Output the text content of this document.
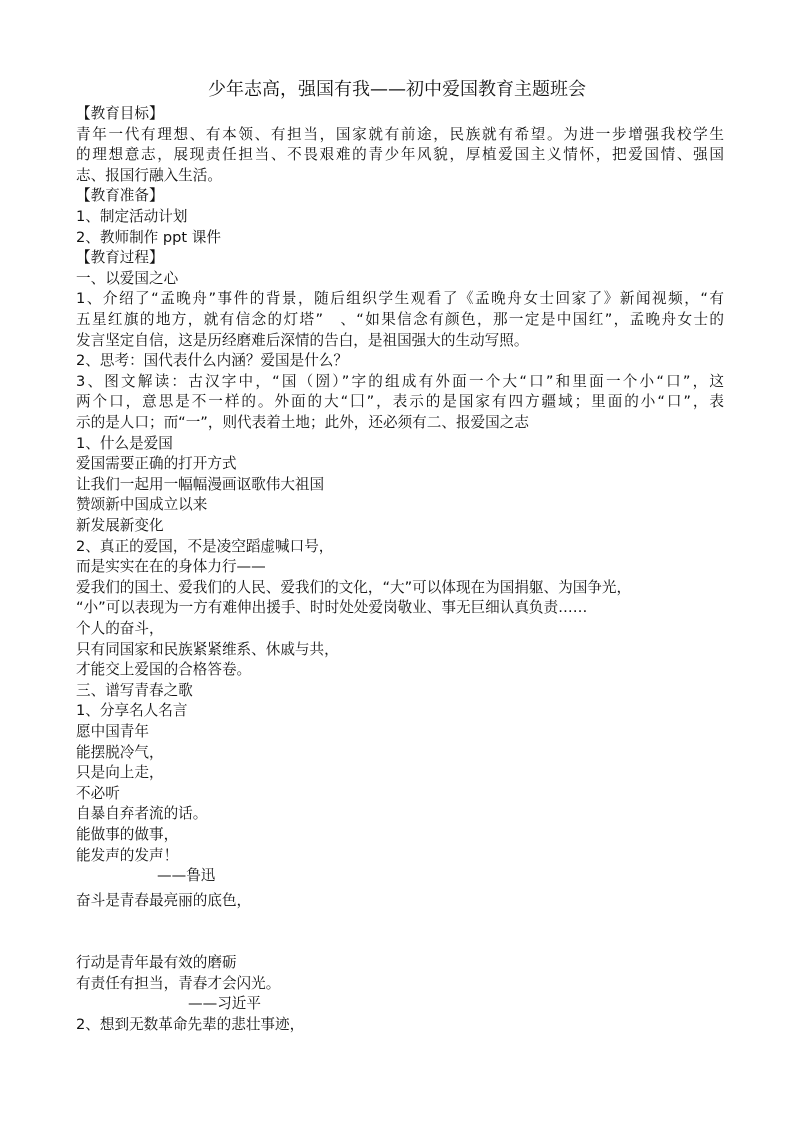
少年志高，强国有我——初中爱国教育主题班会
【教育目标】
青年一代有理想、有本领、有担当，国家就有前途，民族就有希望。为进一步增强我校学生
的理想意志，展现责任担当、不畏艰难的青少年风貌，厚植爱国主义情怀，把爱国情、强国
志、报国行融入生活。
【教育准备】
1、制定活动计划
2、教师制作 ppt 课件
【教育过程】
一、以爱国之心
1、介绍了“孟晚舟”事件的背景，随后组织学生观看了《孟晚舟女士回家了》新闻视频，“有
五星红旗的地方，就有信念的灯塔”　、“如果信念有颜色，那一定是中国红”，孟晚舟女士的
发言坚定自信，这是历经磨难后深情的告白，是祖国强大的生动写照。
2、思考：国代表什么内涵？爱国是什么？
3、图文解读：古汉字中，“国（圀）”字的组成有外面一个大“口”和里面一个小“口”，这
两个口，意思是不一样的。外面的大“囗”，表示的是国家有四方疆域；里面的小“口”，表
示的是人口；而“一”，则代表着土地；此外，还必须有二、报爱国之志
1、什么是爱国
爱国需要正确的打开方式
让我们一起用一幅幅漫画讴歌伟大祖国
赞颂新中国成立以来
新发展新变化
2、真正的爱国，不是凌空蹈虚喊口号，
而是实实在在的身体力行——
爱我们的国土、爱我们的人民、爱我们的文化，“大”可以体现在为国捐躯、为国争光，
“小”可以表现为一方有难伸出援手、时时处处爱岗敬业、事无巨细认真负责……
个人的奋斗，
只有同国家和民族紧紧维系、休戚与共，
才能交上爱国的合格答卷。
三、谱写青春之歌
1、分享名人名言
愿中国青年
能摆脱冷气，
只是向上走，
不必听
自暴自弃者流的话。
能做事的做事，
能发声的发声！
——鲁迅
奋斗是青春最亮丽的底色，
行动是青年最有效的磨砺
有责任有担当，青春才会闪光。
——习近平
2、想到无数革命先辈的悲壮事迹，
